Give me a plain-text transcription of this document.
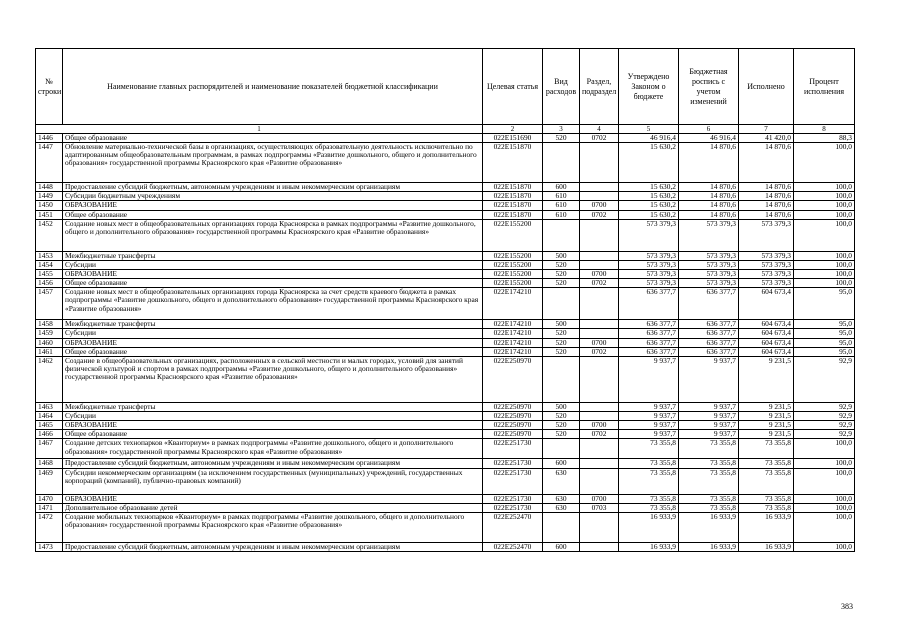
№ строки	Наименование главных распорядителей и наименование показателей бюджетной классификации	Целевая статья	Вид расходов	Раздел, подраздел	Утверждено Законом о бюджете	Бюджетная роспись с учетом изменений	Исполнено	Процент исполнения
1		2	3	4	5	6	7	8
1446	Общее образование	022E151690	520	0702	46 916,4	46 916,4	41 420,0	88,3
1447	Обновление материально-технической базы в организациях, осуществляющих образовательную деятельность исключительно по адаптированным общеобразовательным программам, в рамках подпрограммы «Развитие дошкольного, общего и дополнительного образования» государственной программы Красноярского края «Развитие образования»	022E151870			15 630,2	14 870,6	14 870,6	100,0
1448	Предоставление субсидий бюджетным, автономным учреждениям и иным некоммерческим организациям	022E151870	600		15 630,2	14 870,6	14 870,6	100,0
1449	Субсидии бюджетным учреждениям	022E151870	610		15 630,2	14 870,6	14 870,6	100,0
1450	ОБРАЗОВАНИЕ	022E151870	610	0700	15 630,2	14 870,6	14 870,6	100,0
1451	Общее образование	022E151870	610	0702	15 630,2	14 870,6	14 870,6	100,0
1452	Создание новых мест в общеобразовательных организациях города Красноярска в рамках подпрограммы «Развитие дошкольного, общего и дополнительного образования» государственной программы Красноярского края «Развитие образования»	022E155200			573 379,3	573 379,3	573 379,3	100,0
1453	Межбюджетные трансферты	022E155200	500		573 379,3	573 379,3	573 379,3	100,0
1454	Субсидии	022E155200	520		573 379,3	573 379,3	573 379,3	100,0
1455	ОБРАЗОВАНИЕ	022E155200	520	0700	573 379,3	573 379,3	573 379,3	100,0
1456	Общее образование	022E155200	520	0702	573 379,3	573 379,3	573 379,3	100,0
1457	Создание новых мест в общеобразовательных организациях города Красноярска за счет средств краевого бюджета в рамках подпрограммы «Развитие дошкольного, общего и дополнительного образования» государственной программы Красноярского края «Развитие образования»	022E174210			636 377,7	636 377,7	604 673,4	95,0
1458	Межбюджетные трансферты	022E174210	500		636 377,7	636 377,7	604 673,4	95,0
1459	Субсидии	022E174210	520		636 377,7	636 377,7	604 673,4	95,0
1460	ОБРАЗОВАНИЕ	022E174210	520	0700	636 377,7	636 377,7	604 673,4	95,0
1461	Общее образование	022E174210	520	0702	636 377,7	636 377,7	604 673,4	95,0
1462	Создание в общеобразовательных организациях, расположенных в сельской местности и малых городах, условий для занятий физической культурой и спортом в рамках подпрограммы «Развитие дошкольного, общего и дополнительного образования» государственной программы Красноярского края «Развитие образования»	022E250970			9 937,7	9 937,7	9 231,5	92,9
1463	Межбюджетные трансферты	022E250970	500		9 937,7	9 937,7	9 231,5	92,9
1464	Субсидии	022E250970	520		9 937,7	9 937,7	9 231,5	92,9
1465	ОБРАЗОВАНИЕ	022E250970	520	0700	9 937,7	9 937,7	9 231,5	92,9
1466	Общее образование	022E250970	520	0702	9 937,7	9 937,7	9 231,5	92,9
1467	Создание детских технопарков «Кванториум» в рамках подпрограммы «Развитие дошкольного, общего и дополнительного образования» государственной программы Красноярского края «Развитие образования»	022E251730			73 355,8	73 355,8	73 355,8	100,0
1468	Предоставление субсидий бюджетным, автономным учреждениям и иным некоммерческим организациям	022E251730	600		73 355,8	73 355,8	73 355,8	100,0
1469	Субсидии некоммерческим организациям (за исключением государственных (муниципальных) учреждений, государственных корпораций (компаний), публично-правовых компаний)	022E251730	630		73 355,8	73 355,8	73 355,8	100,0
1470	ОБРАЗОВАНИЕ	022E251730	630	0700	73 355,8	73 355,8	73 355,8	100,0
1471	Дополнительное образование детей	022E251730	630	0703	73 355,8	73 355,8	73 355,8	100,0
1472	Создание мобильных технопарков «Кванториум» в рамках подпрограммы «Развитие дошкольного, общего и дополнительного образования» государственной программы Красноярского края «Развитие образования»	022E252470			16 933,9	16 933,9	16 933,9	100,0
1473	Предоставление субсидий бюджетным, автономным учреждениям и иным некоммерческим организациям	022E252470	600		16 933,9	16 933,9	16 933,9	100,0
383
